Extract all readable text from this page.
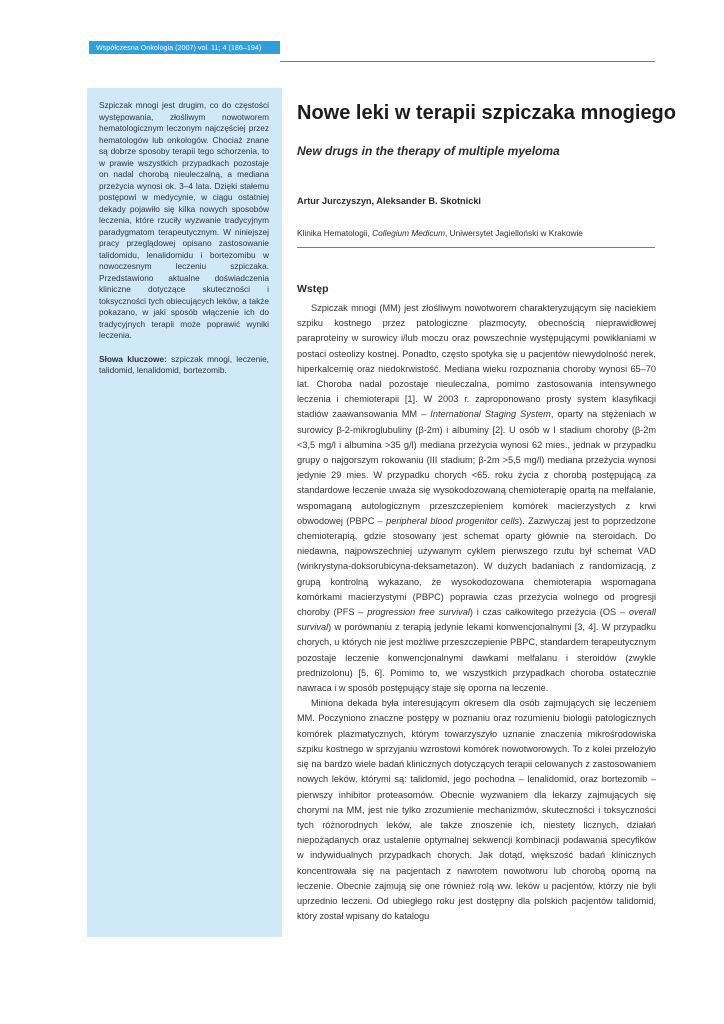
Współczesna Onkologia (2007) vol. 11; 4 (186–194)

Szpiczak mnogi jest drugim, co do częstości występowania, złośliwym nowotworem hematologicznym leczonym najczęściej przez hematologów lub onkologów. Chociaż znane są dobrze sposoby terapii tego schorzenia, to w prawie wszystkich przypadkach pozostaje on nadal chorobą nieuleczalną, a mediana przeżycia wynosi ok. 3–4 lata. Dzięki stałemu postępowi w medycynie, w ciągu ostatniej dekady pojawiło się kilka nowych sposobów leczenia, które rzuciły wyzwanie tradycyjnym paradygmatom terapeutycznym. W niniejszej pracy przeglądowej opisano zastosowanie talidomidu, lenalidomidu i bortezomibu w nowoczesnym leczeniu szpiczaka. Przedstawiono aktualne doświadczenia kliniczne dotyczące skuteczności i toksyczności tych obiecujących leków, a także pokazano, w jaki sposób włączenie ich do tradycyjnych terapii może poprawić wyniki leczenia.

Słowa kluczowe: szpiczak mnogi, leczenie, talidomid, lenalidomid, bortezomib.

Nowe leki w terapii szpiczaka mnogiego
New drugs in the therapy of multiple myeloma

Artur Jurczyszyn, Aleksander B. Skotnicki

Klinika Hematologii, Collegium Medicum, Uniwersytet Jagielloński w Krakowie

Wstęp

Szpiczak mnogi (MM) jest złośliwym nowotworem charakteryzującym się naciekiem szpiku kostnego przez patologiczne plazmocyty, obecnością nieprawidłowej paraproteiny w surowicy i/lub moczu oraz powszechnie występującymi powikłaniami w postaci osteolizy kostnej. Ponadto, często spotyka się u pacjentów niewydolność nerek, hiperkalcemię oraz niedokrwistość. Mediana wieku rozpoznania choroby wynosi 65–70 lat. Choroba nadal pozostaje nieuleczalna, pomimo zastosowania intensywnego leczenia i chemioterapii [1]. W 2003 r. zaproponowano prosty system klasyfikacji stadiów zaawansowania MM – International Staging System, oparty na stężeniach w surowicy β-2-mikroglubuliny (β-2m) i albuminy [2]. U osób w I stadium choroby (β-2m <3,5 mg/l i albumina >35 g/l) mediana przeżycia wynosi 62 mies., jednak w przypadku grupy o najgorszym rokowaniu (III stadium; β-2m >5,5 mg/l) mediana przeżycia wynosi jedynie 29 mies. W przypadku chorych <65. roku życia z chorobą postępującą za standardowe leczenie uważa się wysokodozowaną chemioterapię opartą na melfalanie, wspomaganą autologicznym przeszczepieniem komórek macierzystych z krwi obwodowej (PBPC – peripheral blood progenitor cells). Zazwyczaj jest to poprzedzone chemioterapią, gdzie stosowany jest schemat oparty głównie na steroidach. Do niedawna, najpowszechniej używanym cyklem pierwszego rzutu był schemat VAD (winkrystyna-doksorubicyna-deksametazon). W dużych badaniach z randomizacją, z grupą kontrolną wykazano, że wysokodozowana chemioterapia wspomagana komórkami macierzystymi (PBPC) poprawia czas przeżycia wolnego od progresji choroby (PFS – progression free survival) i czas całkowitego przeżycia (OS – overall survival) w porównaniu z terapią jedynie lekami konwencjonalnymi [3, 4]. W przypadku chorych, u których nie jest możliwe przeszczepienie PBPC, standardem terapeutycznym pozostaje leczenie konwencjonalnymi dawkami melfalanu i steroidów (zwykle prednizolonu) [5, 6]. Pomimo to, we wszystkich przypadkach choroba ostatecznie nawraca i w sposób postępujący staje się oporna na leczenie.

Miniona dekada była interesującym okresem dla osób zajmujących się leczeniem MM. Poczyniono znaczne postępy w poznaniu oraz rozumieniu biologii patologicznych komórek plazmatycznych, którym towarzyszyło uznanie znaczenia mikrośrodowiska szpiku kostnego w sprzyjaniu wzrostowi komórek nowotworowych. To z kolei przełożyło się na bardzo wiele badań klinicznych dotyczących terapii celowanych z zastosowaniem nowych leków, którymi są: talidomid, jego pochodna – lenalidomid, oraz bortezomib – pierwszy inhibitor proteasomów. Obecnie wyzwaniem dla lekarzy zajmujących się chorymi na MM, jest nie tylko zrozumienie mechanizmów, skuteczności i toksyczności tych różnorodnych leków, ale także znoszenie ich, niestety licznych, działań niepożądanych oraz ustalenie optymalnej sekwencji kombinacji podawania specyfików w indywidualnych przypadkach chorych. Jak dotąd, większość badań klinicznych koncentrowała się na pacjentach z nawrotem nowotworu lub chorobą oporną na leczenie. Obecnie zajmują się one również rolą ww. leków u pacjentów, którzy nie byli uprzednio leczeni. Od ubiegłego roku jest dostępny dla polskich pacjentów talidomid, który został wpisany do katalogu
